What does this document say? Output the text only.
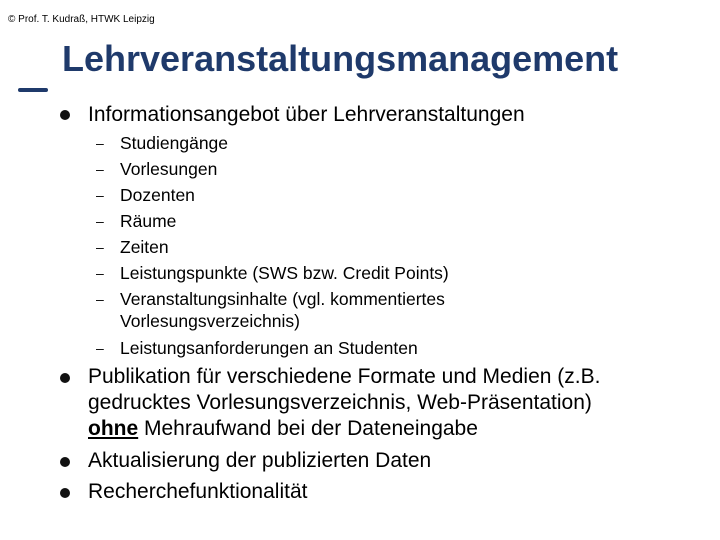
© Prof. T. Kudraß, HTWK Leipzig
Lehrveranstaltungsmanagement
Informationsangebot über Lehrveranstaltungen
– Studiengänge
– Vorlesungen
– Dozenten
– Räume
– Zeiten
– Leistungspunkte (SWS bzw. Credit Points)
– Veranstaltungsinhalte (vgl. kommentiertes
Vorlesungsverzeichnis)
– Leistungsanforderungen an Studenten
Publikation für verschiedene Formate und Medien (z.B.
gedrucktes Vorlesungsverzeichnis, Web-Präsentation)
ohne Mehraufwand bei der Dateneingabe
Aktualisierung der publizierten Daten
Recherchefunktionalität
